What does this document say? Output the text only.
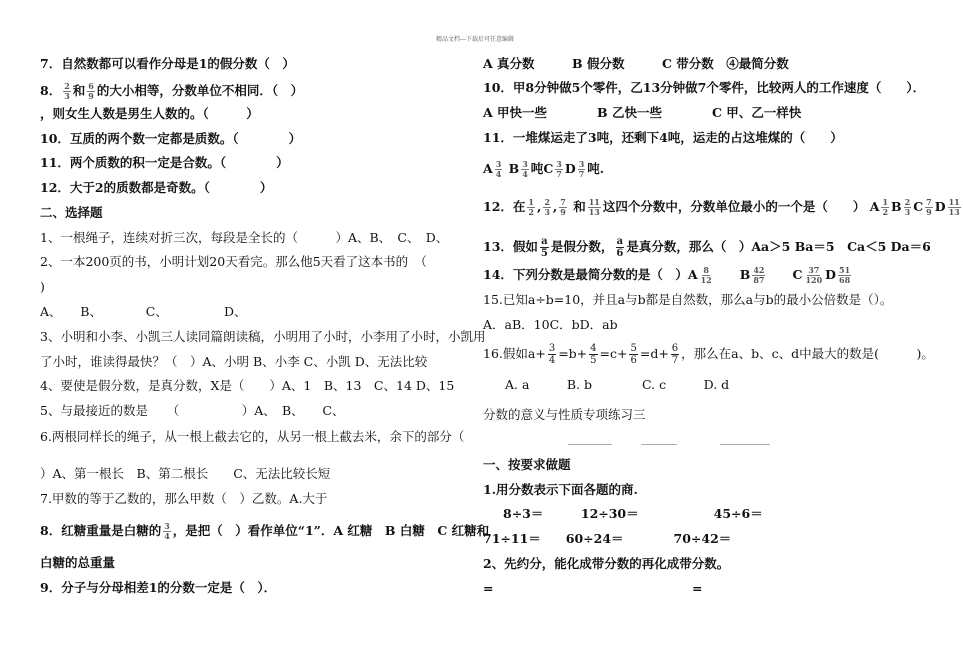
精品文档---下载后可任意编辑
7．自然数都可以看作分母是1的假分数（　）
8． $\frac{2}{3}$ 和 $\frac{6}{9}$ 的大小相等，分数单位不相同．（　）
，则女生人数是男生人数的。（　　　）
10．互质的两个数一定都是质数。（　　　　）
11．两个质数的积一定是合数。（　　　　）
12．大于2的质数都是奇数。（　　　　）
二、选择题
1、一根绳子，连续对折三次，每段是全长的（　　　）A、B、　C、　D、
2、一本200页的书，小明计划20天看完。那么他5天看了这本书的　（
)
A、　　B、　　　　C、　　　　　D、
3、小明和小李、小凯三人读同篇朗读稿，小明用了小时，小李用了小时，小凯用
了小时，谁读得最快？（　）A、小明 B、小李 C、小凯 D、无法比较
4、要使是假分数，是真分数，X是（　　）A、1　B、13　C、14 D、15
5、与最接近的数是　　（　　　　　）A、　B、　　C、
6.两根同样长的绳子，从一根上截去它的，从另一根上截去米，余下的部分（
）A、第一根长　B、第二根长　　C、无法比较长短
7.甲数的等于乙数的，那么甲数（　）乙数。A.大于
8．红糖重量是白糖的 $\frac{3}{4}$ ，是把（　）看作单位“1”．A 红糖　B 白糖　C 红糖和
白糖的总重量
9．分子与分母相差1的分数一定是（　）．
A 真分数　　　B 假分数　　　C 带分数　④最简分数
10．甲8分钟做5个零件，乙13分钟做7个零件，比较两人的工作速度（　　）．
A 甲快一些　　　　B 乙快一些　　　　C 甲、乙一样快
11．一堆煤运走了3吨，还剩下4吨，运走的占这堆煤的（　　）
A $\frac{3}{4}$ B $\frac{3}{4}$ 吨C $\frac{3}{7}$ D $\frac{3}{7}$ 吨.
12．在 $\frac{1}{2}$ , $\frac{2}{3}$ , $\frac{7}{9}$ 和 $\frac{11}{13}$ 这四个分数中，分数单位最小的一个是（　　） A $\frac{1}{2}$ B $\frac{2}{3}$ C $\frac{7}{9}$ D $\frac{11}{13}$
13．假如 $\frac{a}{5}$ 是假分数， $\frac{a}{6}$ 是真分数，那么（　）Aa＞5 Ba＝5　Ca＜5 Da＝6
14．下列分数是最简分数的是（　）$A \frac{8}{12}$
　　 B $\frac{42}{87}$
　　 C $\frac{37}{120}$ D $\frac{51}{68}$
15.已知a÷b=10，并且a与b都是自然数，那么a与b的最小公倍数是（）。
A．aB．10C．bD．ab
16.假如$a+ \frac{3}{4} =b+ \frac{4}{5} =c+ \frac{5}{6} =d+ \frac{6}{7}$ ，那么在a、b、c、d中最大的数是(　　　)。
A. a　　　B. b　　　　C. c　　　D. d
分数的意义与性质专项练习三
一、按要求做题
1.用分数表示下面各题的商.
8÷3＝　　　12÷30＝　　　　　　45÷6＝
71÷11＝　　60÷24＝　　　　70÷42＝
2、先约分，能化成带分数的再化成带分数。
=	=
